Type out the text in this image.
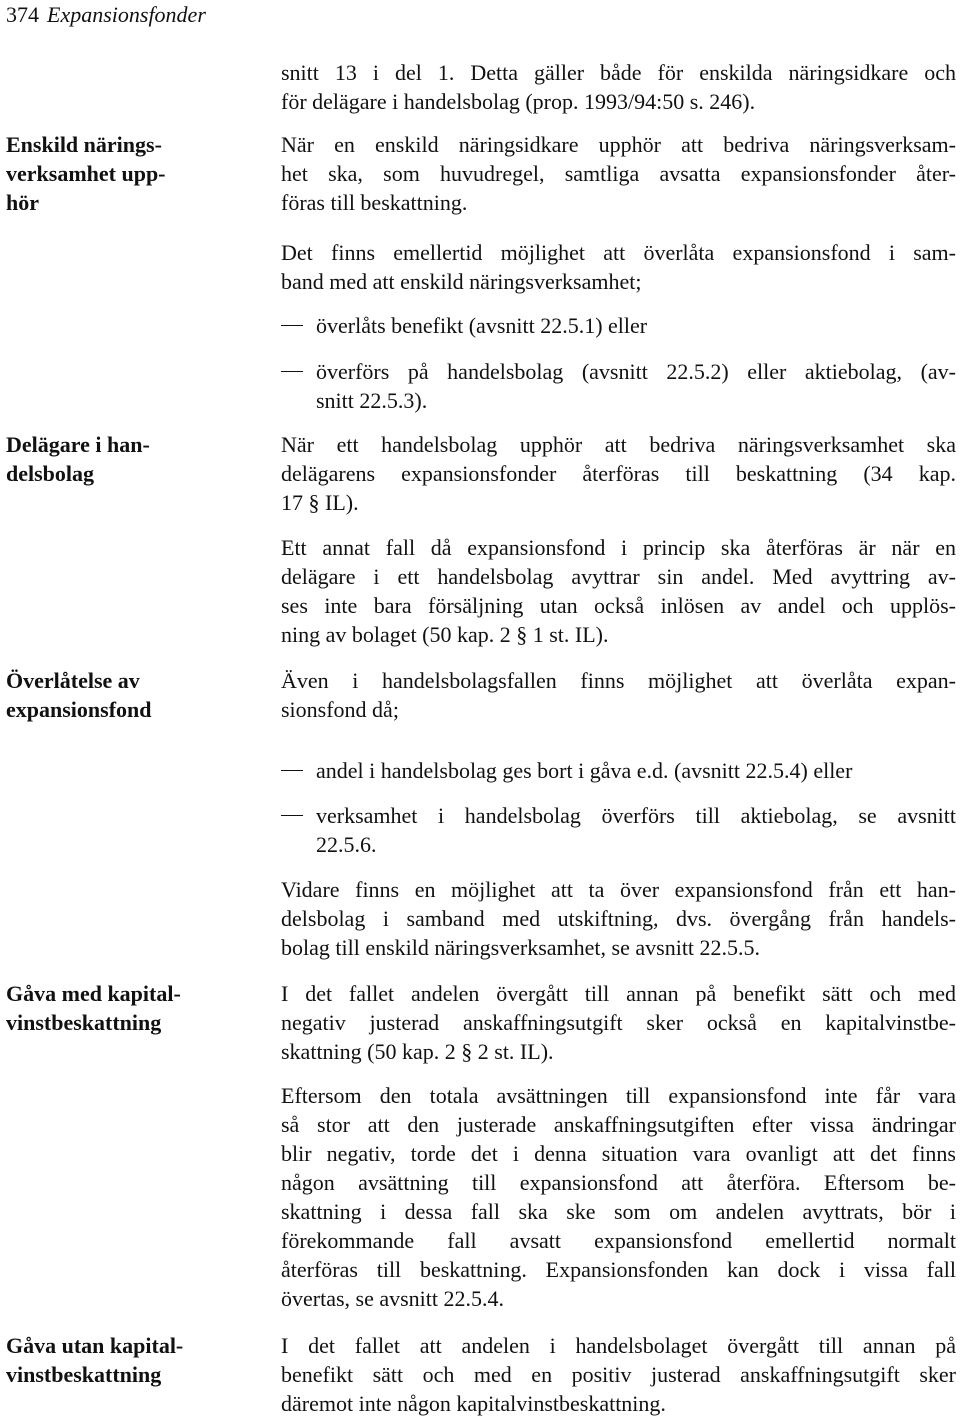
374 Expansionsfonder
Enskild närings-
verksamhet upp-
hör
Delägare i han-
delsbolag
Överlåtelse av
expansionsfond
Gåva med kapital-
vinstbeskattning
Gåva utan kapital-
vinstbeskattning

snitt 13 i del 1. Detta gäller både för enskilda näringsidkare och
för delägare i handelsbolag (prop. 1993/94:50 s. 246).

När en enskild näringsidkare upphör att bedriva näringsverksam-
het ska, som huvudregel, samtliga avsatta expansionsfonder åter-
föras till beskattning.

Det finns emellertid möjlighet att överlåta expansionsfond i sam-
band med att enskild näringsverksamhet;

överlåts benefikt (avsnitt 22.5.1) eller
överförs på handelsbolag (avsnitt 22.5.2) eller aktiebolag, (av-
snitt 22.5.3).

När ett handelsbolag upphör att bedriva näringsverksamhet ska
delägarens expansionsfonder återföras till beskattning (34 kap.
17 § IL).

Ett annat fall då expansionsfond i princip ska återföras är när en
delägare i ett handelsbolag avyttrar sin andel. Med avyttring av-
ses inte bara försäljning utan också inlösen av andel och upplös-
ning av bolaget (50 kap. 2 § 1 st. IL).

Även i handelsbolagsfallen finns möjlighet att överlåta expan-
sionsfond då;

andel i handelsbolag ges bort i gåva e.d. (avsnitt 22.5.4) eller
verksamhet i handelsbolag överförs till aktiebolag, se avsnitt
22.5.6.

Vidare finns en möjlighet att ta över expansionsfond från ett han-
delsbolag i samband med utskiftning, dvs. övergång från handels-
bolag till enskild näringsverksamhet, se avsnitt 22.5.5.

I det fallet andelen övergått till annan på benefikt sätt och med
negativ justerad anskaffningsutgift sker också en kapitalvinstbe-
skattning (50 kap. 2 § 2 st. IL).

Eftersom den totala avsättningen till expansionsfond inte får vara
så stor att den justerade anskaffningsutgiften efter vissa ändringar
blir negativ, torde det i denna situation vara ovanligt att det finns
någon avsättning till expansionsfond att återföra. Eftersom be-
skattning i dessa fall ska ske som om andelen avyttrats, bör i
förekommande fall avsatt expansionsfond emellertid normalt
återföras till beskattning. Expansionsfonden kan dock i vissa fall
övertas, se avsnitt 22.5.4.

I det fallet att andelen i handelsbolaget övergått till annan på
benefikt sätt och med en positiv justerad anskaffningsutgift sker
däremot inte någon kapitalvinstbeskattning.
